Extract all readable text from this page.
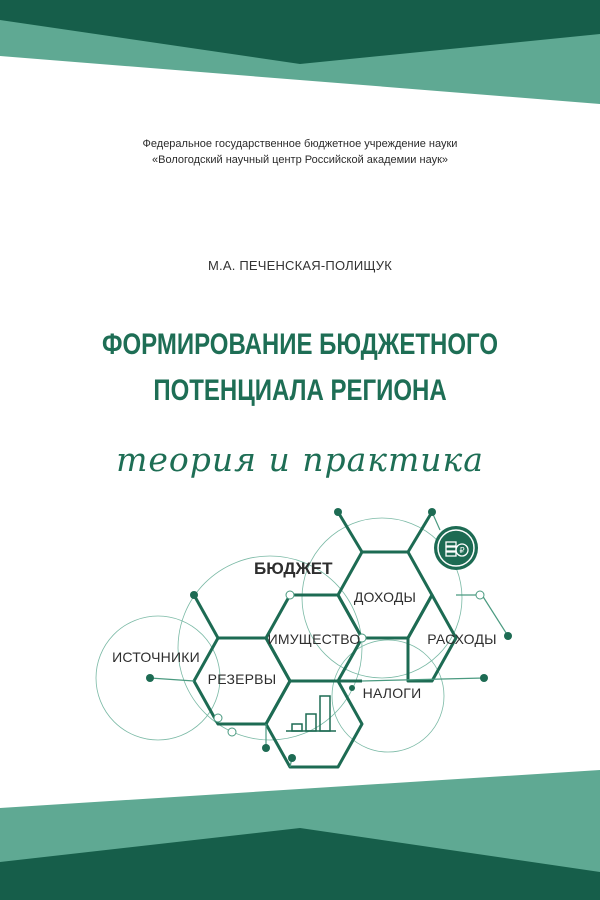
Федеральное государственное бюджетное учреждение науки
«Вологодский научный центр Российской академии наук»
М.А. ПЕЧЕНСКАЯ-ПОЛИЩУК
ФОРМИРОВАНИЕ БЮДЖЕТНОГО
ПОТЕНЦИАЛА РЕГИОНА
теория и практика
₽
БЮДЖЕТ
ДОХОДЫ
ИМУЩЕСТВО	РАСХОДЫ
ИСТОЧНИКИ
РЕЗЕРВЫ
НАЛОГИ
